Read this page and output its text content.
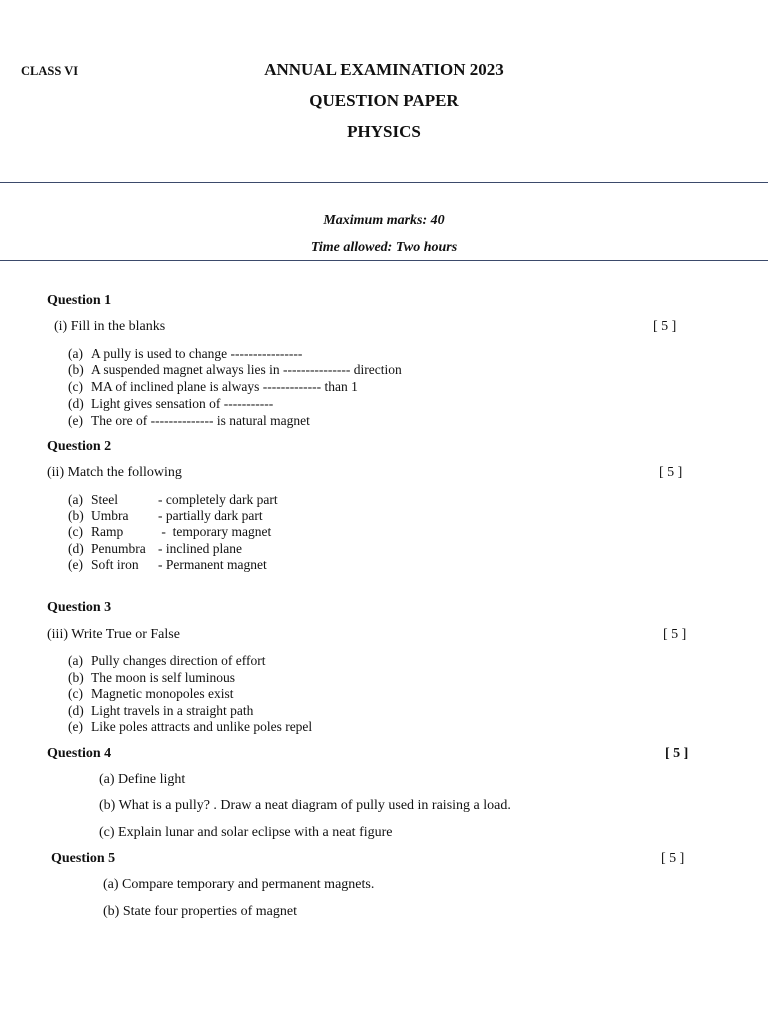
CLASS VI	ANNUAL EXAMINATION 2023
QUESTION PAPER
PHYSICS
Maximum marks: 40
Time allowed: Two hours
Question 1
(i) Fill in the blanks	[ 5 ]
(a) A pully is used to change ----------------
(b) A suspended magnet always lies in --------------- direction
(c) MA of inclined plane is always ------------- than 1
(d) Light gives sensation of -----------
(e) The ore of -------------- is natural magnet
Question 2
(ii) Match the following	[ 5 ]
(a) Steel	- completely dark part
(b) Umbra - partially dark part
(c) Ramp	-  temporary magnet
(d) Penumbra - inclined plane
(e) Soft iron - Permanent magnet
Question 3
(iii) Write True or False	[ 5 ]
(a) Pully changes direction of effort
(b) The moon is self luminous
(c) Magnetic monopoles exist
(d) Light travels in a straight path
(e) Like poles attracts and unlike poles repel
Question 4	[ 5 ]
(a) Define light
(b) What is a pully? . Draw a neat diagram of pully used in raising a load.
(c) Explain lunar and solar eclipse with a neat figure
Question 5	[ 5 ]
(a) Compare temporary and permanent magnets.
(b) State four properties of magnet
